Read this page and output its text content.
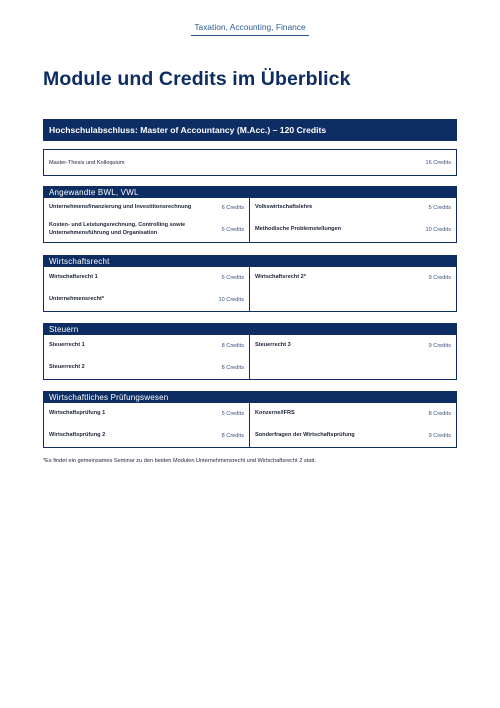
Taxation, Accounting, Finance
Module und Credits im Überblick
Hochschulabschluss: Master of Accountancy (M.Acc.) – 120 Credits
Master-Thesis und Kolloquium	16 Credits
Angewandte BWL, VWL
Unternehmensfinanzierung und Investitionsrechnung	6 Credits
Kosten- und Leistungsrechnung, Controlling sowie Unternehmensführung und Organisation	6 Credits
Volkswirtschaftslehre	5 Credits
Methodische Problemstellungen	10 Credits
Wirtschaftsrecht
Wirtschaftsrecht 1	6 Credits
Unternehmensrecht*	10 Credits
Wirtschaftsrecht 2*	9 Credits
Steuern
Steuerrecht 1	8 Credits
Steuerrecht 2	8 Credits
Steuerrecht 3	9 Credits
Wirtschaftliches Prüfungswesen
Wirtschaftsprüfung 1	5 Credits
Wirtschaftsprüfung 2	8 Credits
Konzerne/IFRS	8 Credits
Sonderfragen der Wirtschaftsprüfung	9 Credits
*Es findet ein gemeinsames Seminar zu den beiden Modulen Unternehmensrecht und Wirtschaftsrecht 2 statt.
